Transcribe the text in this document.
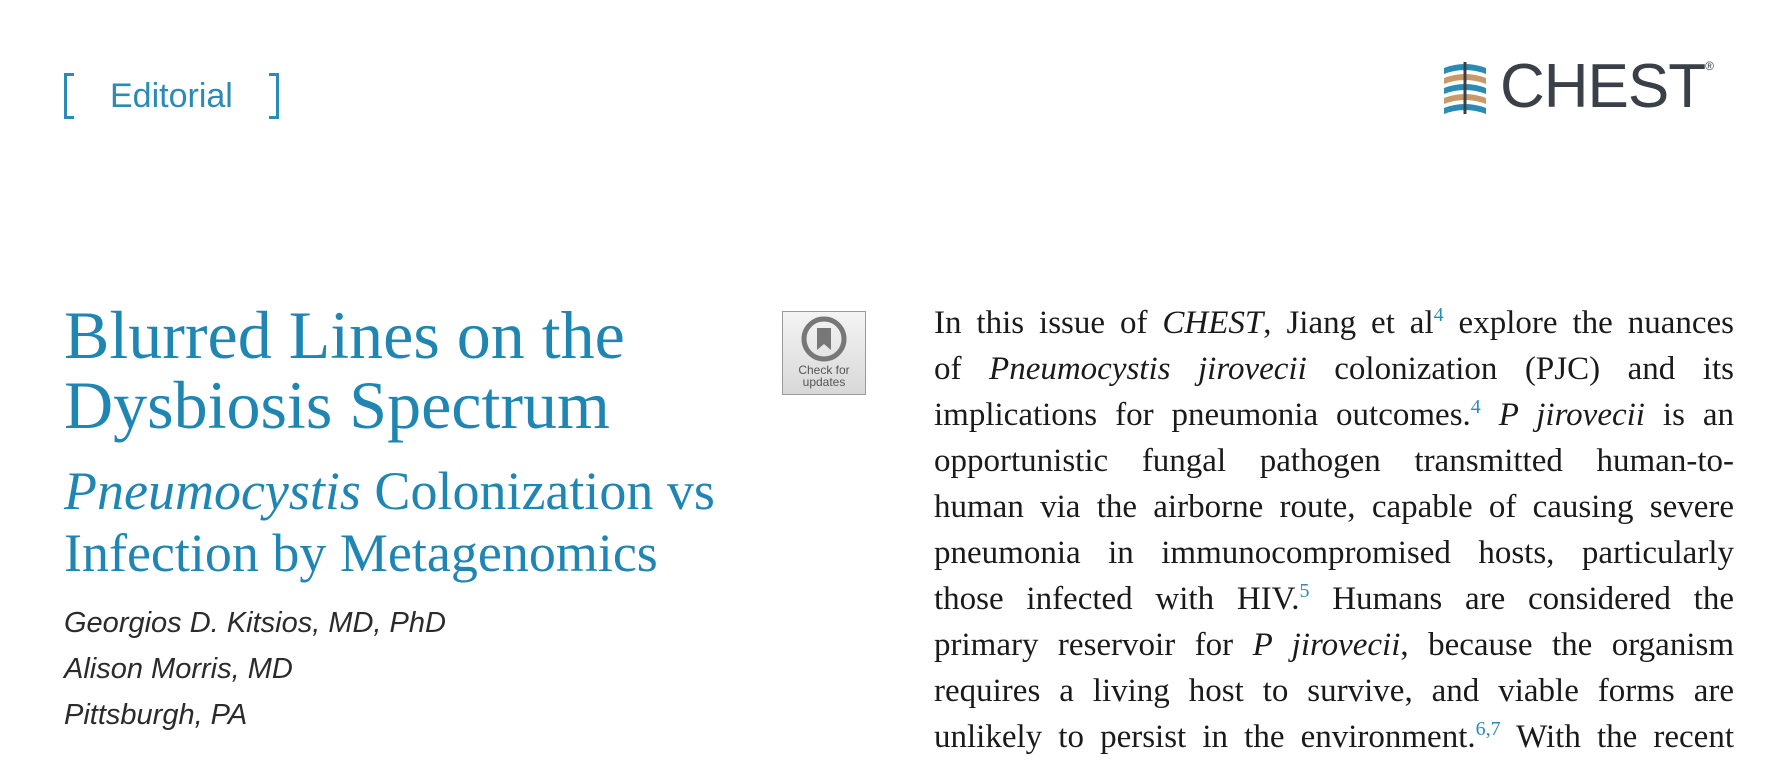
Editorial	CHEST®
Blurred Lines on the Dysbiosis Spectrum
Pneumocystis Colonization vs Infection by Metagenomics
Georgios D. Kitsios, MD, PhD
Alison Morris, MD
Pittsburgh, PA
Check for
updates
In this issue of CHEST, Jiang et $al^4$ explore the nuances
of Pneumocystis jirovecii colonization (PJC) and its
implications for pneumonia outcomes.$^4$ P jirovecii is an
opportunistic fungal pathogen transmitted human-to-
human via the airborne route, capable of causing severe
pneumonia in immunocompromised hosts, particularly
those infected with HIV.$^5$ Humans are considered the
primary reservoir for P jirovecii, because the organism
requires a living host to survive, and viable forms are
unlikely to persist in the environment.$^{6,7}$ With the recent
